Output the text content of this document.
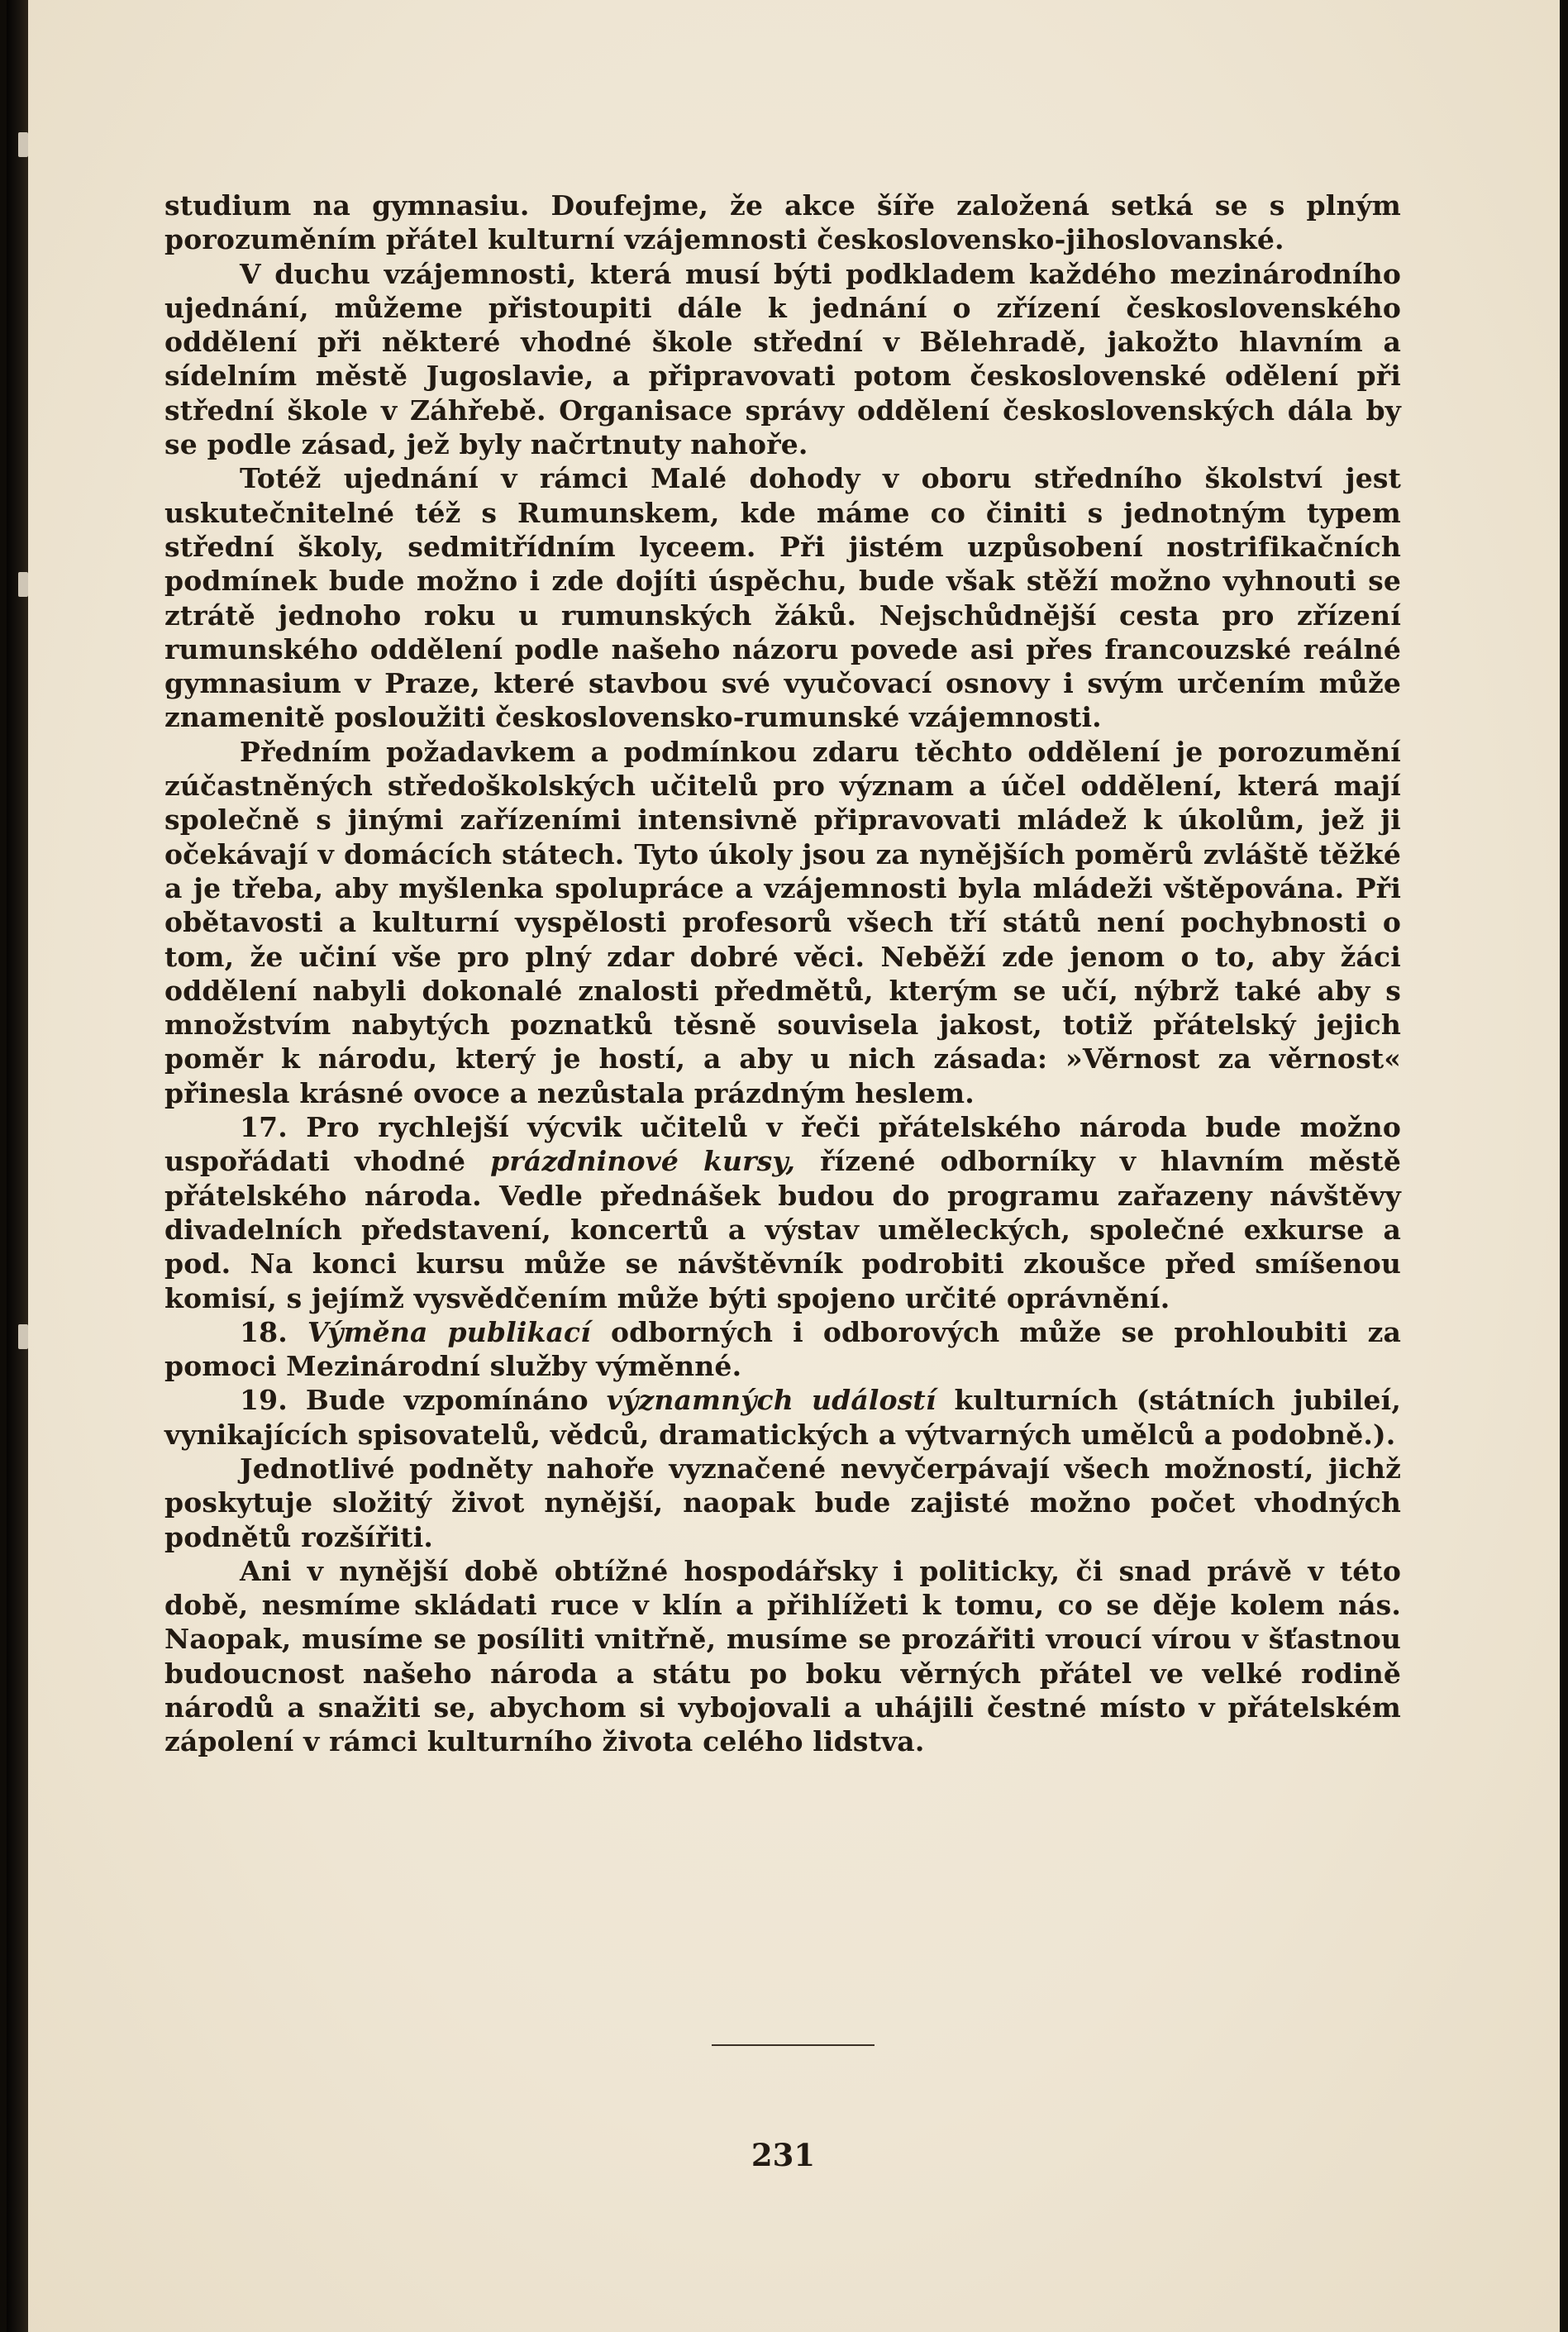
studium na gymnasiu. Doufejme, že akce šíře založená setká se s plným porozuměním přátel kulturní vzájemnosti československo-jihoslovanské.

V duchu vzájemnosti, která musí býti podkladem každého mezinárodního ujednání, můžeme přistoupiti dále k jednání o zřízení československého oddělení při některé vhodné škole střední v Bělehradě, jakožto hlavním a sídelním městě Jugoslavie, a připravovati potom československé odělení při střední škole v Záhřebě. Organisace správy oddělení československých dála by se podle zásad, jež byly načrtnuty nahoře.

Totéž ujednání v rámci Malé dohody v oboru středního školství jest uskutečnitelné též s Rumunskem, kde máme co činiti s jednotným typem střední školy, sedmitřídním lyceem. Při jistém uzpůsobení nostrifikačních podmínek bude možno i zde dojíti úspěchu, bude však stěží možno vyhnouti se ztrátě jednoho roku u rumunských žáků. Nejschůdnější cesta pro zřízení rumunského oddělení podle našeho názoru povede asi přes francouzské reálné gymnasium v Praze, které stavbou své vyučovací osnovy i svým určením může znamenitě posloužiti československo-rumunské vzájemnosti.

Předním požadavkem a podmínkou zdaru těchto oddělení je porozumění zúčastněných středoškolských učitelů pro význam a účel oddělení, která mají společně s jinými zařízeními intensivně připravovati mládež k úkolům, jež ji očekávají v domácích státech. Tyto úkoly jsou za nynějších poměrů zvláště těžké a je třeba, aby myšlenka spolupráce a vzájemnosti byla mládeži vštěpována. Při obětavosti a kulturní vyspělosti profesorů všech tří států není pochybnosti o tom, že učiní vše pro plný zdar dobré věci. Neběží zde jenom o to, aby žáci oddělení nabyli dokonalé znalosti předmětů, kterým se učí, nýbrž také aby s množstvím nabytých poznatků těsně souvisela jakost, totiž přátelský jejich poměr k národu, který je hostí, a aby u nich zásada: »Věrnost za věrnost« přinesla krásné ovoce a nezůstala prázdným heslem.

17. Pro rychlejší výcvik učitelů v řeči přátelského národa bude možno uspořádati vhodné prázdninové kursy, řízené odborníky v hlavním městě přátelského národa. Vedle přednášek budou do programu zařazeny návštěvy divadelních představení, koncertů a výstav uměleckých, společné exkurse a pod. Na konci kursu může se návštěvník podrobiti zkoušce před smíšenou komisí, s jejímž vysvědčením může býti spojeno určité oprávnění.

18. Výměna publikací odborných i odborových může se prohloubiti za pomoci Mezinárodní služby výměnné.

19. Bude vzpomínáno významných událostí kulturních (státních jubileí, vynikajících spisovatelů, vědců, dramatických a výtvarných umělců a podobně.).

Jednotlivé podněty nahoře vyznačené nevyčerpávají všech možností, jichž poskytuje složitý život nynější, naopak bude zajisté možno počet vhodných podnětů rozšířiti.

Ani v nynější době obtížné hospodářsky i politicky, či snad právě v této době, nesmíme skládati ruce v klín a přihlížeti k tomu, co se děje kolem nás. Naopak, musíme se posíliti vnitřně, musíme se prozářiti vroucí vírou v šťastnou budoucnost našeho národa a státu po boku věrných přátel ve velké rodině národů a snažiti se, abychom si vybojovali a uhájili čestné místo v přátelském zápolení v rámci kulturního života celého lidstva.

231
